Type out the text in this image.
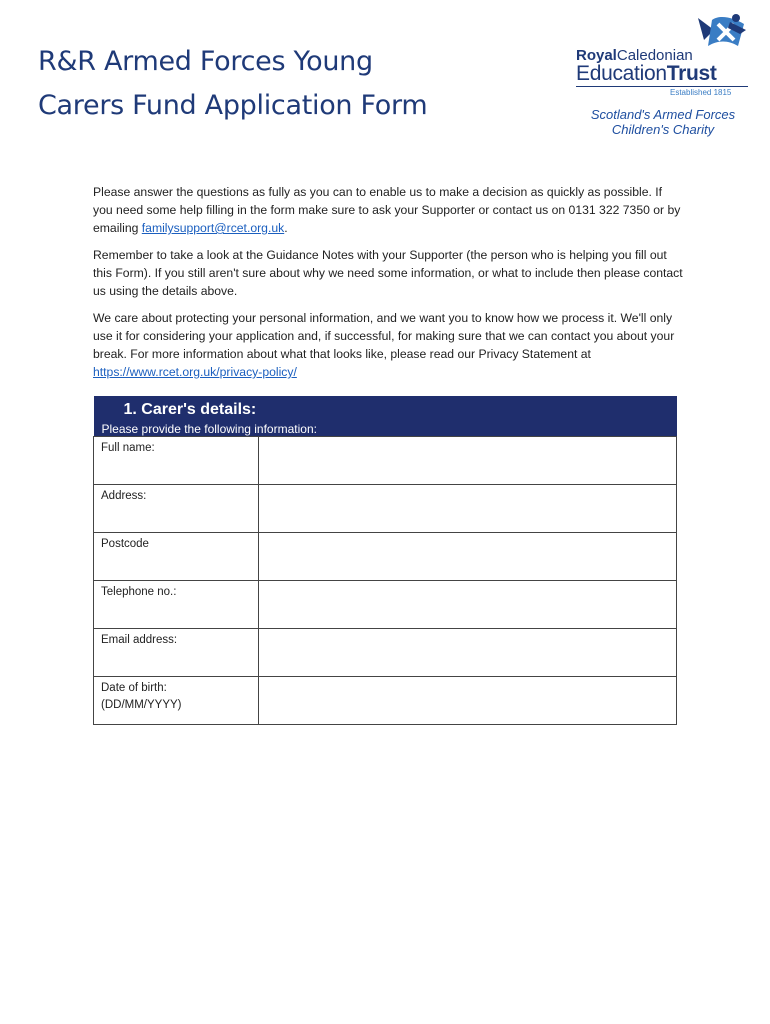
R&R Armed Forces Young
Carers Fund Application Form
RoyalCaledonian
EducationTrust
Established 1815
Scotland's Armed Forces
Children's Charity

Please answer the questions as fully as you can to enable us to make a decision as quickly as possible. If you need some help filling in the form make sure to ask your Supporter or contact us on 0131 322 7350 or by emailing familysupport@rcet.org.uk.

Remember to take a look at the Guidance Notes with your Supporter (the person who is helping you fill out this Form). If you still aren't sure about why we need some information, or what to include then please contact us using the details above.

We care about protecting your personal information, and we want you to know how we process it. We'll only use it for considering your application and, if successful, for making sure that we can contact you about your break. For more information about what that looks like, please read our Privacy Statement at https://www.rcet.org.uk/privacy-policy/

1. Carer's details:
Please provide the following information:	

Full name:	
Address:	
Postcode	
Telephone no.:	
Email address:	

Date of birth:
(DD/MM/YYYY)	
